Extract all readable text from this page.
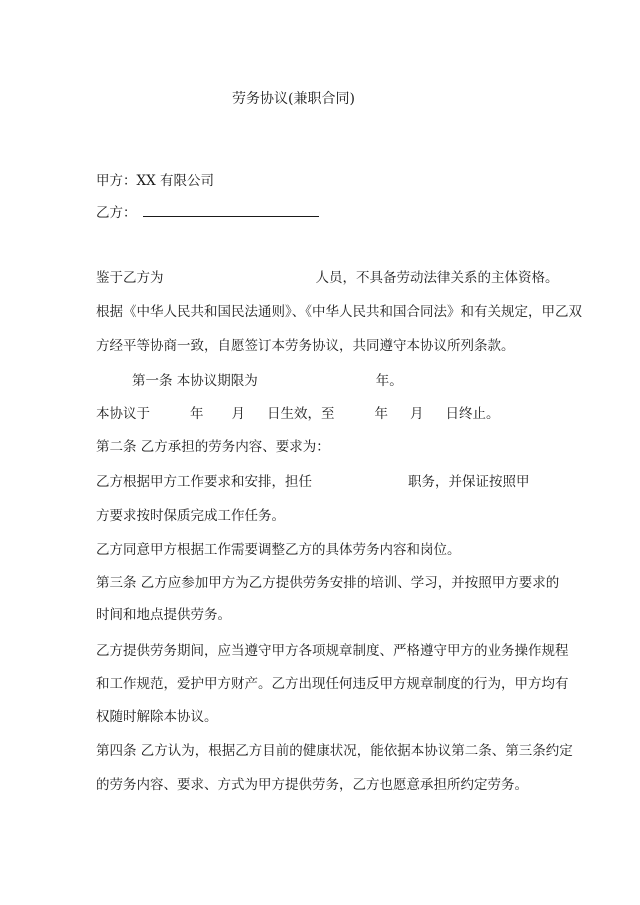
劳务协议(兼职合同)
甲方：XX 有限公司
乙方：
鉴于乙方为	人员，不具备劳动法律关系的主体资格。
根据《中华人民共和国民法通则》、《中华人民共和国合同法》和有关规定，甲乙双
方经平等协商一致，自愿签订本劳务协议，共同遵守本协议所列条款。
第一条 本协议期限为	年。
本协议于	年 月 日生效，至	年 月 日终止。
第二条 乙方承担的劳务内容、要求为：
乙方根据甲方工作要求和安排，担任	职务，并保证按照甲
方要求按时保质完成工作任务。
乙方同意甲方根据工作需要调整乙方的具体劳务内容和岗位。
第三条 乙方应参加甲方为乙方提供劳务安排的培训、学习，并按照甲方要求的
时间和地点提供劳务。
乙方提供劳务期间，应当遵守甲方各项规章制度、严格遵守甲方的业务操作规程
和工作规范，爱护甲方财产。乙方出现任何违反甲方规章制度的行为，甲方均有
权随时解除本协议。
第四条 乙方认为，根据乙方目前的健康状况，能依据本协议第二条、第三条约定
的劳务内容、要求、方式为甲方提供劳务，乙方也愿意承担所约定劳务。
